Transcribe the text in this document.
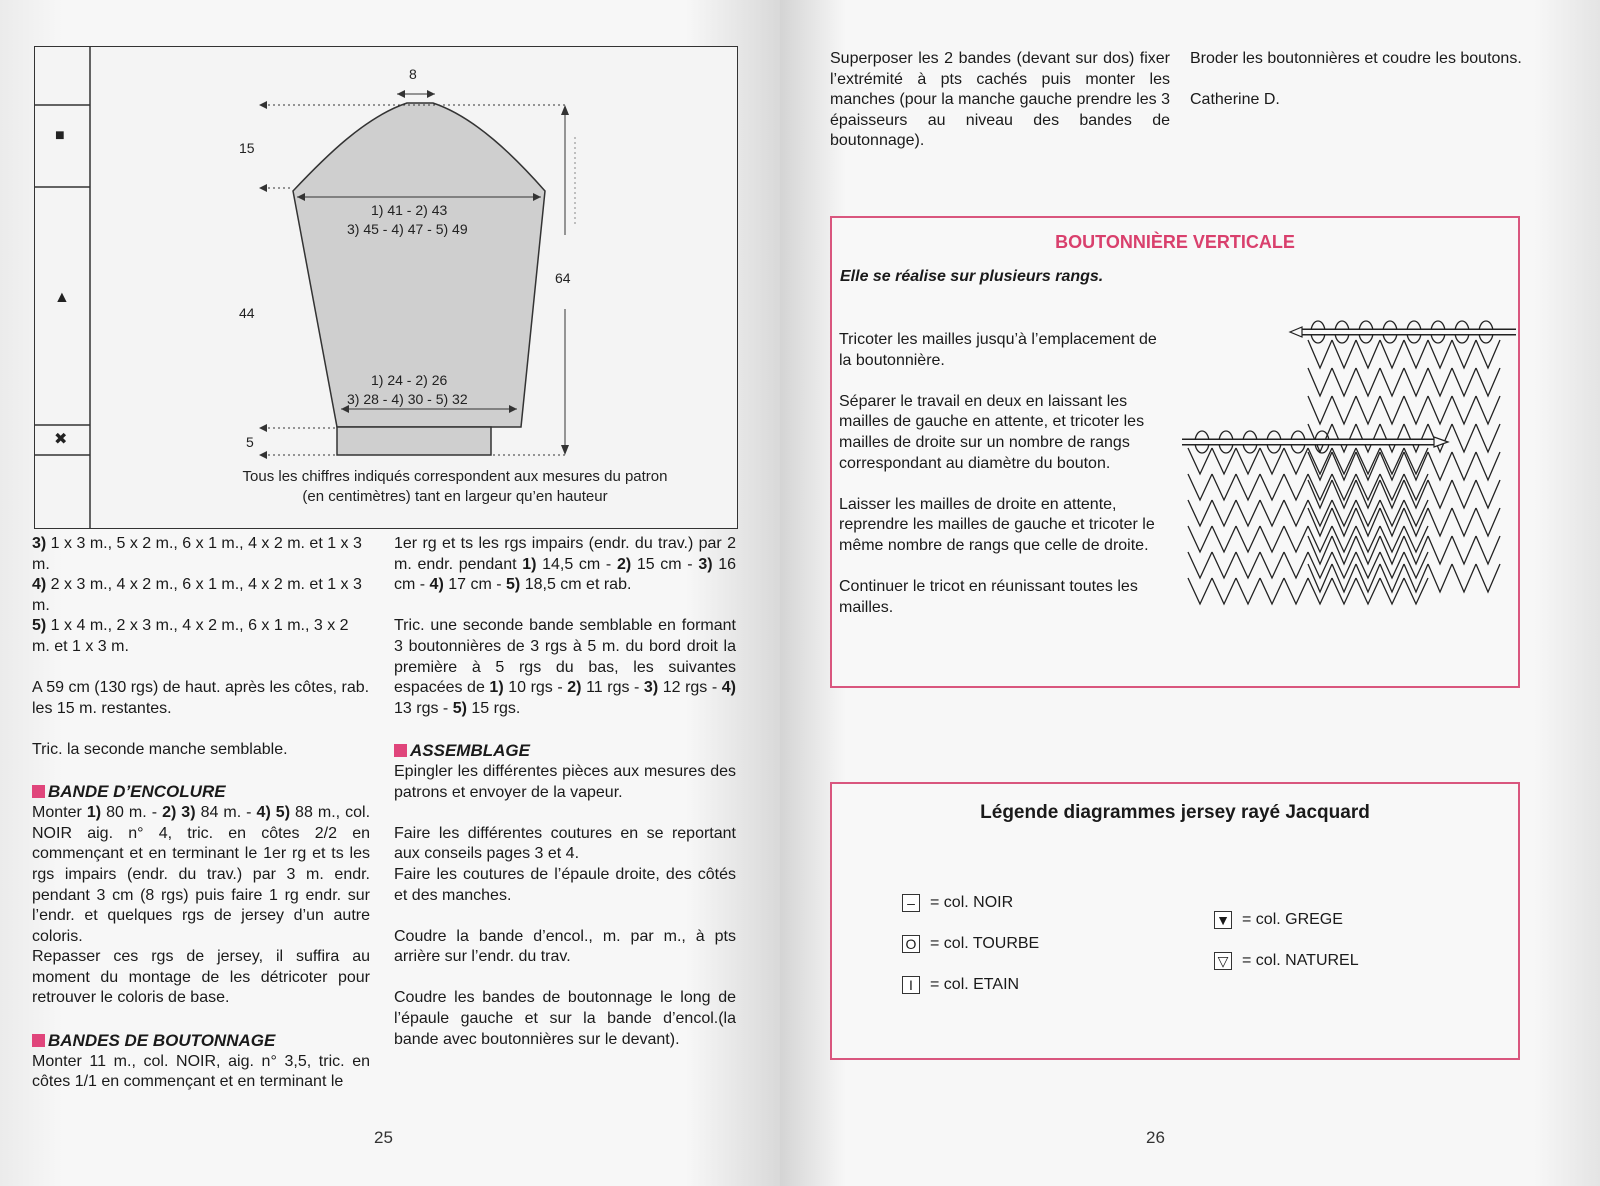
■
▲
✖
8
15
44
64
5
1) 41 - 2) 43
3) 45 - 4) 47 - 5) 49
1) 24 - 2) 26
3) 28 - 4) 30 - 5) 32
Tous les chiffres indiqués correspondent aux mesures du patron
(en centimètres) tant en largeur qu’en hauteur

3) 1 x 3 m., 5 x 2 m., 6 x 1 m., 4 x 2 m. et 1 x 3 m.

4) 2 x 3 m., 4 x 2 m., 6 x 1 m., 4 x 2 m. et 1 x 3 m.

5) 1 x 4 m., 2 x 3 m., 4 x 2 m., 6 x 1 m., 3 x 2 m. et 1 x 3 m.

A 59 cm (130 rgs) de haut. après les côtes, rab. les 15 m. restantes.

Tric. la seconde manche semblable.

BANDE D’ENCOLURE

Monter 1) 80 m. - 2) 3) 84 m. - 4) 5) 88 m., col. NOIR aig. n° 4, tric. en côtes 2/2 en commençant et en terminant le 1er rg et ts les rgs impairs (endr. du trav.) par 3 m. endr. pendant 3 cm (8 rgs) puis faire 1 rg endr. sur l’endr. et quelques rgs de jersey d’un autre coloris.

Repasser ces rgs de jersey, il suffira au moment du montage de les détricoter pour retrouver le coloris de base.

BANDES DE BOUTONNAGE

Monter 11 m., col. NOIR, aig. n° 3,5, tric. en côtes 1/1 en commençant et en terminant le

1er rg et ts les rgs impairs (endr. du trav.) par 2 m. endr. pendant 1) 14,5 cm - 2) 15 cm - 3) 16 cm - 4) 17 cm - 5) 18,5 cm et rab.

Tric. une seconde bande semblable en formant 3 boutonnières de 3 rgs à 5 m. du bord droit la première à 5 rgs du bas, les suivantes espacées de 1) 10 rgs - 2) 11 rgs - 3) 12 rgs - 4) 13 rgs - 5) 15 rgs.

ASSEMBLAGE

Epingler les différentes pièces aux mesures des patrons et envoyer de la vapeur.

Faire les différentes coutures en se reportant aux conseils pages 3 et 4.

Faire les coutures de l’épaule droite, des côtés et des manches.

Coudre la bande d’encol., m. par m., à pts arrière sur l’endr. du trav.

Coudre les bandes de boutonnage le long de l’épaule gauche et sur la bande d’encol.(la bande avec boutonnières sur le devant).

25
Superposer les 2 bandes (devant sur dos) fixer l’extrémité à pts cachés puis monter les manches (pour la manche gauche prendre les 3 épaisseurs au niveau des bandes de boutonnage).

Broder les boutonnières et coudre les boutons.

Catherine D.

BOUTONNIÈRE VERTICALE
Elle se réalise sur plusieurs rangs.

Tricoter les mailles jusqu’à l’emplacement de la boutonnière.

Séparer le travail en deux en laissant les mailles de gauche en attente, et tricoter les mailles de droite sur un nombre de rangs correspondant au diamètre du bouton.

Laisser les mailles de droite en attente, reprendre les mailles de gauche et tricoter le même nombre de rangs que celle de droite.

Continuer le tricot en réunissant toutes les mailles.

Légende diagrammes jersey rayé Jacquard
– = col. NOIR
O = col. TOURBE
I	= col. ETAIN
▼ = col. GREGE
▽ = col. NATUREL
26
